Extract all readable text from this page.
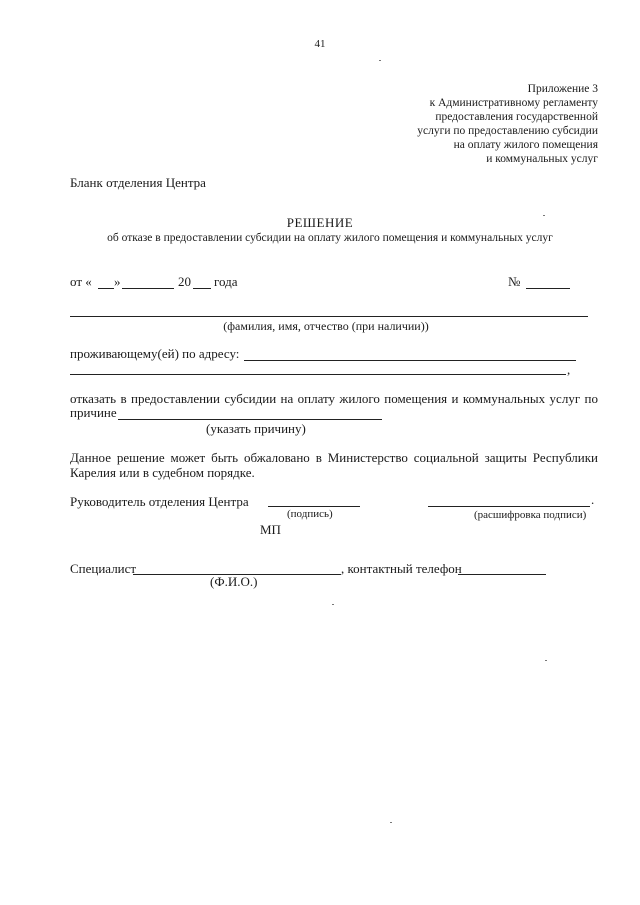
41
Приложение 3
к Административному регламенту
предоставления государственной
услуги по предоставлению субсидии
на оплату жилого помещения
и коммунальных услуг
Бланк отделения Центра
РЕШЕНИЕ
об отказе в предоставлении субсидии на оплату жилого помещения и коммунальных услуг
от « »	20 года	№
(фамилия, имя, отчество (при наличии))
проживающему(ей) по адресу:
,
отказать в предоставлении субсидии на оплату жилого помещения и коммунальных услуг по
причине
(указать причину)
Данное решение может быть обжаловано в Министерство социальной защиты Республики
Карелия или в судебном порядке.
Руководитель отделения Центра	.
(подпись)	(расшифровка подписи)
МП
Специалист	, контактный телефон
(Ф.И.О.)
